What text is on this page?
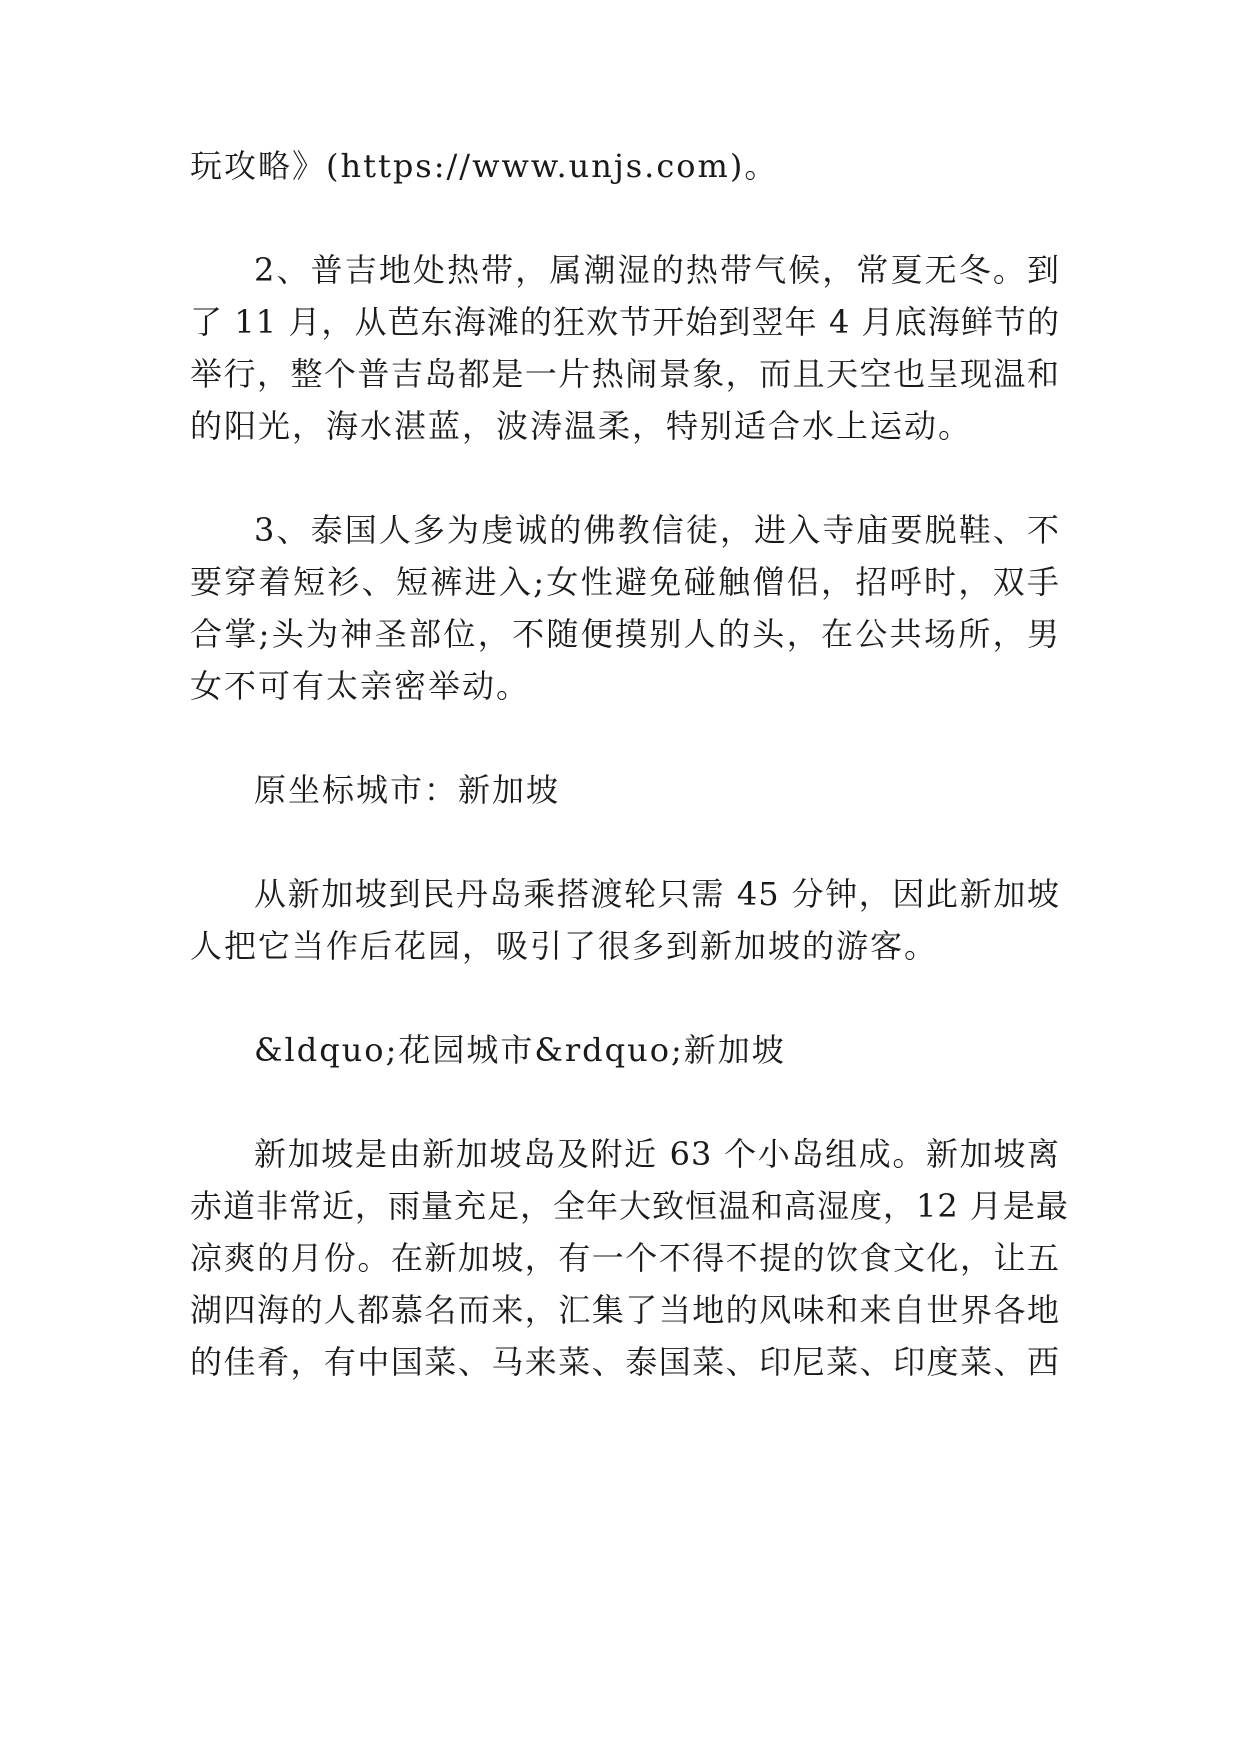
玩攻略》(https://www.unjs.com)。
2、普吉地处热带，属潮湿的热带气候，常夏无冬。到
了 11 月，从芭东海滩的狂欢节开始到翌年 4 月底海鲜节的
举行，整个普吉岛都是一片热闹景象，而且天空也呈现温和
的阳光，海水湛蓝，波涛温柔，特别适合水上运动。
3、泰国人多为虔诚的佛教信徒，进入寺庙要脱鞋、不
要穿着短衫、短裤进入;女性避免碰触僧侣，招呼时，双手
合掌;头为神圣部位，不随便摸别人的头，在公共场所，男
女不可有太亲密举动。
原坐标城市：新加坡
从新加坡到民丹岛乘搭渡轮只需 45 分钟，因此新加坡
人把它当作后花园，吸引了很多到新加坡的游客。
&ldquo;花园城市&rdquo;新加坡
新加坡是由新加坡岛及附近 63 个小岛组成。新加坡离
赤道非常近，雨量充足，全年大致恒温和高湿度，12 月是最
凉爽的月份。在新加坡，有一个不得不提的饮食文化，让五
湖四海的人都慕名而来，汇集了当地的风味和来自世界各地
的佳肴，有中国菜、马来菜、泰国菜、印尼菜、印度菜、西
